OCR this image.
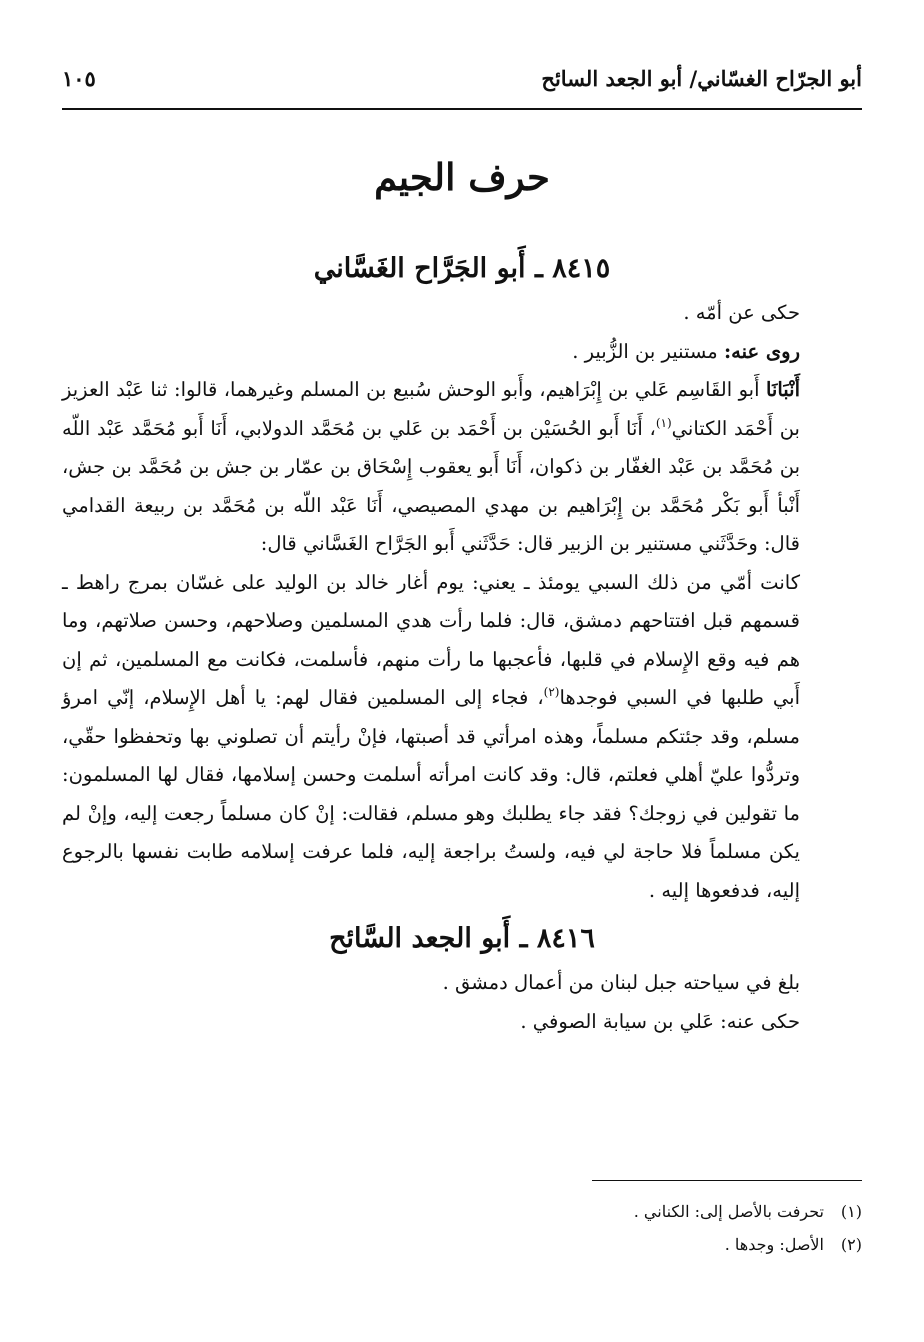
أبو الجرّاح الغسّاني/ أبو الجعد السائح
١٠٥
حرف الجيم
٨٤١٥ ـ أَبو الجَرَّاح الغَسَّاني

حكى عن أمّه .

روى عنه: مستنير بن الزُّبير .

أَنْبَانَا أَبو القَاسِم عَلي بن إِبْرَاهيم، وأَبو الوحش سُبيع بن المسلم وغيرهما، قالوا: ثنا عَبْد العزيز بن أَحْمَد الكتاني$^{(١)}$، أَنَا أَبو الحُسَيْن بن أَحْمَد بن عَلي بن مُحَمَّد الدولابي، أَنَا أَبو مُحَمَّد عَبْد اللّه بن مُحَمَّد بن عَبْد الغفّار بن ذكوان، أَنَا أَبو يعقوب إِسْحَاق بن عمّار بن جش بن مُحَمَّد بن جش، أَنْبأ أَبو بَكْر مُحَمَّد بن إِبْرَاهيم بن مهدي المصيصي، أَنَا عَبْد اللّه بن مُحَمَّد بن ربيعة القدامي قال: وحَدَّثَني مستنير بن الزبير قال: حَدَّثَني أَبو الجَرَّاح الغَسَّاني قال:

كانت أمّي من ذلك السبي يومئذ ـ يعني: يوم أغار خالد بن الوليد على غسّان بمرج راهط ـ قسمهم قبل افتتاحهم دمشق، قال: فلما رأت هدي المسلمين وصلاحهم، وحسن صلاتهم، وما هم فيه وقع الإِسلام في قلبها، فأعجبها ما رأت منهم، فأسلمت، فكانت مع المسلمين، ثم إن أَبي طلبها في السبي فوجدها$^{(٢)}$، فجاء إلى المسلمين فقال لهم: يا أهل الإِسلام، إنّي امرؤ مسلم، وقد جئتكم مسلماً، وهذه امرأتي قد أصبتها، فإنْ رأيتم أن تصلوني بها وتحفظوا حقّي، وتردُّوا عليّ أهلي فعلتم، قال: وقد كانت امرأته أسلمت وحسن إسلامها، فقال لها المسلمون: ما تقولين في زوجك؟ فقد جاء يطلبك وهو مسلم، فقالت: إنْ كان مسلماً رجعت إليه، وإنْ لم يكن مسلماً فلا حاجة لي فيه، ولستُ براجعة إليه، فلما عرفت إسلامه طابت نفسها بالرجوع إليه، فدفعوها إليه .

٨٤١٦ ـ أَبو الجعد السَّائح

بلغ في سياحته جبل لبنان من أعمال دمشق .

حكى عنه: عَلي بن سيابة الصوفي .

(١)تحرفت بالأصل إلى: الكناني .
(٢)الأصل: وجدها .
